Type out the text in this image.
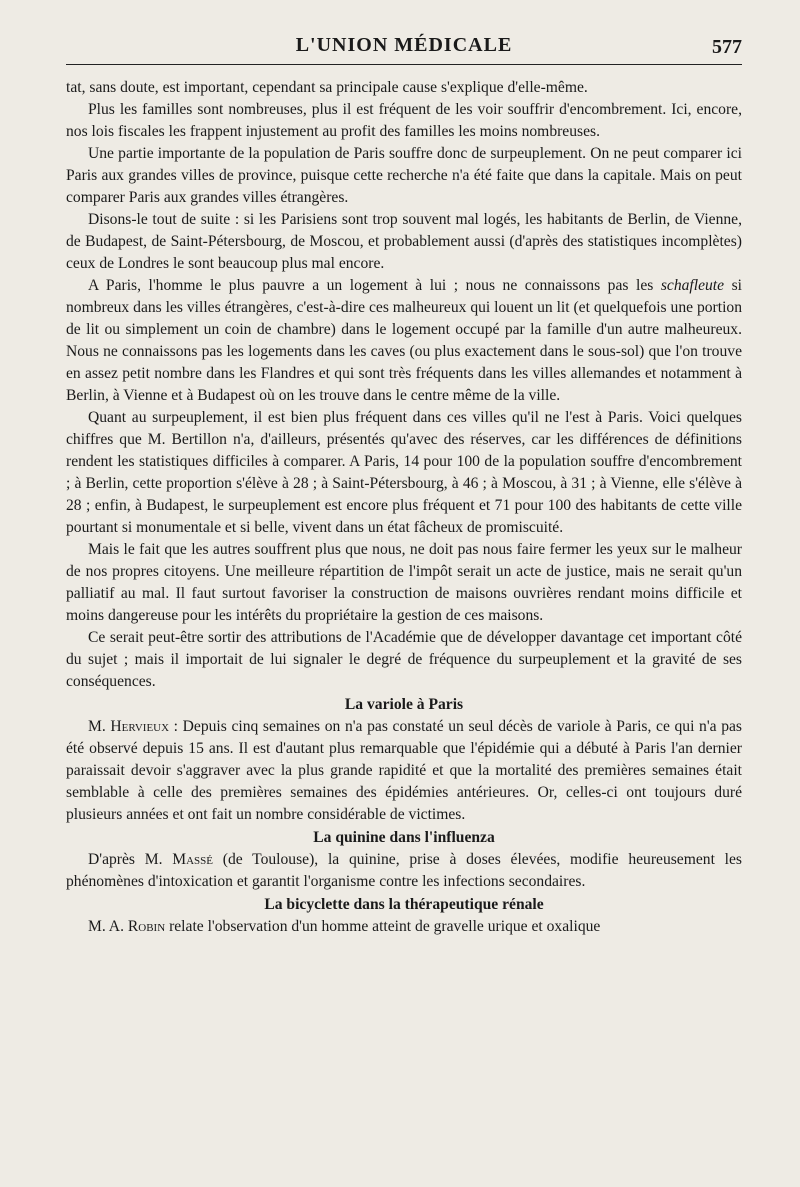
L'UNION MÉDICALE	577

tat, sans doute, est important, cependant sa principale cause s'explique d'elle-même.

Plus les familles sont nombreuses, plus il est fréquent de les voir souffrir d'encombrement. Ici, encore, nos lois fiscales les frappent injustement au profit des familles les moins nombreuses.

Une partie importante de la population de Paris souffre donc de surpeuplement. On ne peut comparer ici Paris aux grandes villes de province, puisque cette recherche n'a été faite que dans la capitale. Mais on peut comparer Paris aux grandes villes étrangères.

Disons-le tout de suite : si les Parisiens sont trop souvent mal logés, les habitants de Berlin, de Vienne, de Budapest, de Saint-Pétersbourg, de Moscou, et probablement aussi (d'après des statistiques incomplètes) ceux de Londres le sont beaucoup plus mal encore.

A Paris, l'homme le plus pauvre a un logement à lui ; nous ne connaissons pas les schafleute si nombreux dans les villes étrangères, c'est-à-dire ces malheureux qui louent un lit (et quelquefois une portion de lit ou simplement un coin de chambre) dans le logement occupé par la famille d'un autre malheureux. Nous ne connaissons pas les logements dans les caves (ou plus exactement dans le sous-sol) que l'on trouve en assez petit nombre dans les Flandres et qui sont très fréquents dans les villes allemandes et notamment à Berlin, à Vienne et à Budapest où on les trouve dans le centre même de la ville.

Quant au surpeuplement, il est bien plus fréquent dans ces villes qu'il ne l'est à Paris. Voici quelques chiffres que M. Bertillon n'a, d'ailleurs, présentés qu'avec des réserves, car les différences de définitions rendent les statistiques difficiles à comparer. A Paris, 14 pour 100 de la population souffre d'encombrement ; à Berlin, cette proportion s'élève à 28 ; à Saint-Pétersbourg, à 46 ; à Moscou, à 31 ; à Vienne, elle s'élève à 28 ; enfin, à Budapest, le surpeuplement est encore plus fréquent et 71 pour 100 des habitants de cette ville pourtant si monumentale et si belle, vivent dans un état fâcheux de promiscuité.

Mais le fait que les autres souffrent plus que nous, ne doit pas nous faire fermer les yeux sur le malheur de nos propres citoyens. Une meilleure répartition de l'impôt serait un acte de justice, mais ne serait qu'un palliatif au mal. Il faut surtout favoriser la construction de maisons ouvrières rendant moins difficile et moins dangereuse pour les intérêts du propriétaire la gestion de ces maisons.

Ce serait peut-être sortir des attributions de l'Académie que de développer davantage cet important côté du sujet ; mais il importait de lui signaler le degré de fréquence du surpeuplement et la gravité de ses conséquences.

La variole à Paris

M. Hervieux : Depuis cinq semaines on n'a pas constaté un seul décès de variole à Paris, ce qui n'a pas été observé depuis 15 ans. Il est d'autant plus remarquable que l'épidémie qui a débuté à Paris l'an dernier paraissait devoir s'aggraver avec la plus grande rapidité et que la mortalité des premières semaines était semblable à celle des premières semaines des épidémies antérieures. Or, celles-ci ont toujours duré plusieurs années et ont fait un nombre considérable de victimes.

La quinine dans l'influenza

D'après M. Massé (de Toulouse), la quinine, prise à doses élevées, modifie heureusement les phénomènes d'intoxication et garantit l'organisme contre les infections secondaires.

La bicyclette dans la thérapeutique rénale

M. A. Robin relate l'observation d'un homme atteint de gravelle urique et oxalique
